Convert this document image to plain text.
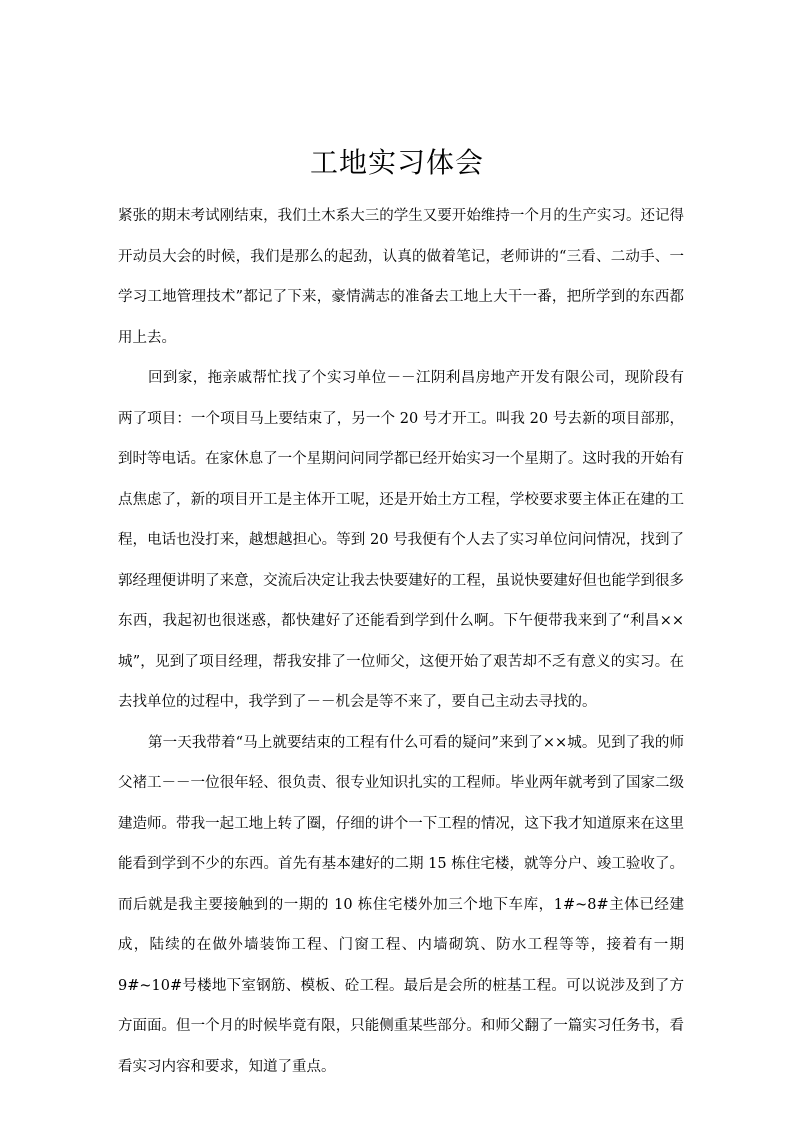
工地实习体会

紧张的期末考试刚结束，我们土木系大三的学生又要开始维持一个月的生产实习。还记得开动员大会的时候，我们是那么的起劲，认真的做着笔记，老师讲的“三看、二动手、一学习工地管理技术”都记了下来，豪情满志的准备去工地上大干一番，把所学到的东西都用上去。

回到家，拖亲戚帮忙找了个实习单位－－江阴利昌房地产开发有限公司，现阶段有两了项目：一个项目马上要结束了，另一个 20 号才开工。叫我 20 号去新的项目部那，到时等电话。在家休息了一个星期问问同学都已经开始实习一个星期了。这时我的开始有点焦虑了，新的项目开工是主体开工呢，还是开始土方工程，学校要求要主体正在建的工程，电话也没打来，越想越担心。等到 20 号我便有个人去了实习单位问问情况，找到了郭经理便讲明了来意，交流后决定让我去快要建好的工程，虽说快要建好但也能学到很多东西，我起初也很迷惑，都快建好了还能看到学到什么啊。下午便带我来到了“利昌××城”，见到了项目经理，帮我安排了一位师父，这便开始了艰苦却不乏有意义的实习。在去找单位的过程中，我学到了－－机会是等不来了，要自己主动去寻找的。

第一天我带着“马上就要结束的工程有什么可看的疑问”来到了××城。见到了我的师父褚工－－一位很年轻、很负责、很专业知识扎实的工程师。毕业两年就考到了国家二级建造师。带我一起工地上转了圈，仔细的讲个一下工程的情况，这下我才知道原来在这里能看到学到不少的东西。首先有基本建好的二期 15 栋住宅楼，就等分户、竣工验收了。而后就是我主要接触到的一期的 10 栋住宅楼外加三个地下车库，1#~8#主体已经建成，陆续的在做外墙装饰工程、门窗工程、内墙砌筑、防水工程等等，接着有一期 9#~10#号楼地下室钢筋、模板、砼工程。最后是会所的桩基工程。可以说涉及到了方方面面。但一个月的时候毕竟有限，只能侧重某些部分。和师父翻了一篇实习任务书，看看实习内容和要求，知道了重点。
